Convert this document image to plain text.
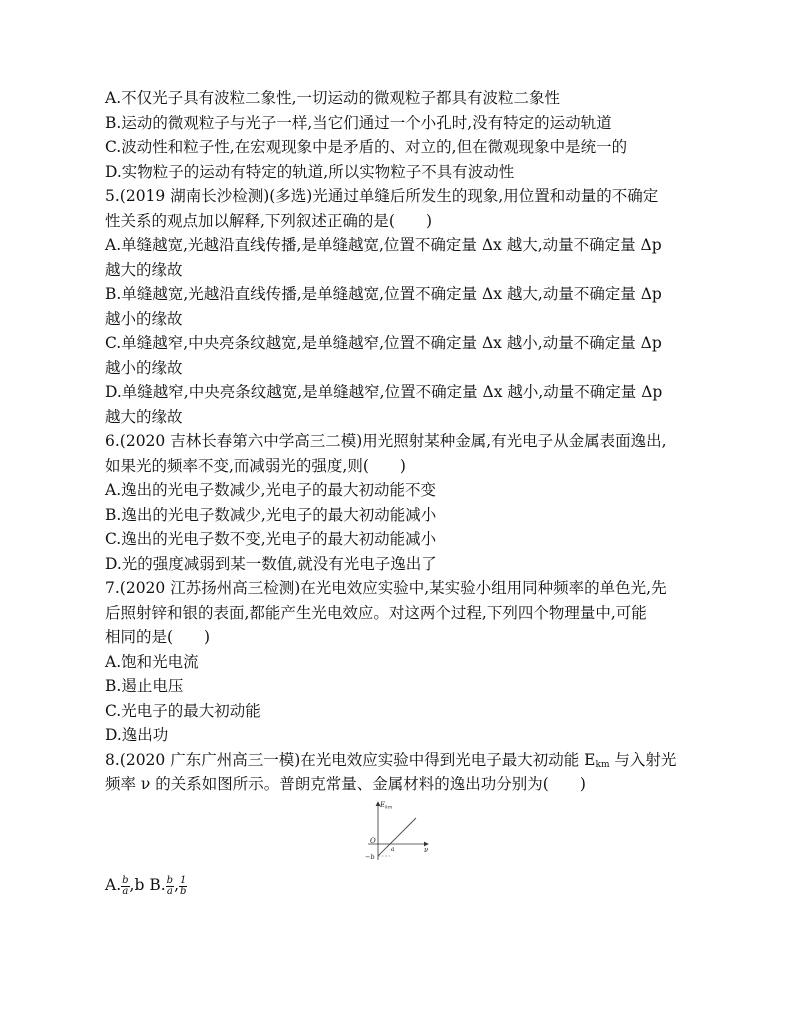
A.不仅光子具有波粒二象性,一切运动的微观粒子都具有波粒二象性
B.运动的微观粒子与光子一样,当它们通过一个小孔时,没有特定的运动轨道
C.波动性和粒子性,在宏观现象中是矛盾的、对立的,但在微观现象中是统一的
D.实物粒子的运动有特定的轨道,所以实物粒子不具有波动性
5.(2019 湖南长沙检测)(多选)光通过单缝后所发生的现象,用位置和动量的不确定
性关系的观点加以解释,下列叙述正确的是(　　)
A.单缝越宽,光越沿直线传播,是单缝越宽,位置不确定量 Δx 越大,动量不确定量 Δp
越大的缘故
B.单缝越宽,光越沿直线传播,是单缝越宽,位置不确定量 Δx 越大,动量不确定量 Δp
越小的缘故
C.单缝越窄,中央亮条纹越宽,是单缝越窄,位置不确定量 Δx 越小,动量不确定量 Δp
越小的缘故
D.单缝越窄,中央亮条纹越宽,是单缝越窄,位置不确定量 Δx 越小,动量不确定量 Δp
越大的缘故
6.(2020 吉林长春第六中学高三二模)用光照射某种金属,有光电子从金属表面逸出,
如果光的频率不变,而减弱光的强度,则(　　)
A.逸出的光电子数减少,光电子的最大初动能不变
B.逸出的光电子数减少,光电子的最大初动能减小
C.逸出的光电子数不变,光电子的最大初动能减小
D.光的强度减弱到某一数值,就没有光电子逸出了
7.(2020 江苏扬州高三检测)在光电效应实验中,某实验小组用同种频率的单色光,先
后照射锌和银的表面,都能产生光电效应。对这两个过程,下列四个物理量中,可能
相同的是(　　)
A.饱和光电流
B.遏止电压
C.光电子的最大初动能
D.逸出功
8.(2020 广东广州高三一模)在光电效应实验中得到光电子最大初动能 $E_{km}$ 与入射光
频率 ν 的关系如图所示。普朗克常量、金属材料的逸出功分别为(　　)
$E_{km}$
O
a
−b
ν
A. $\frac{b}{a} ,b$ B. $\frac{b}{a}$ , $\frac{1}{b}$
